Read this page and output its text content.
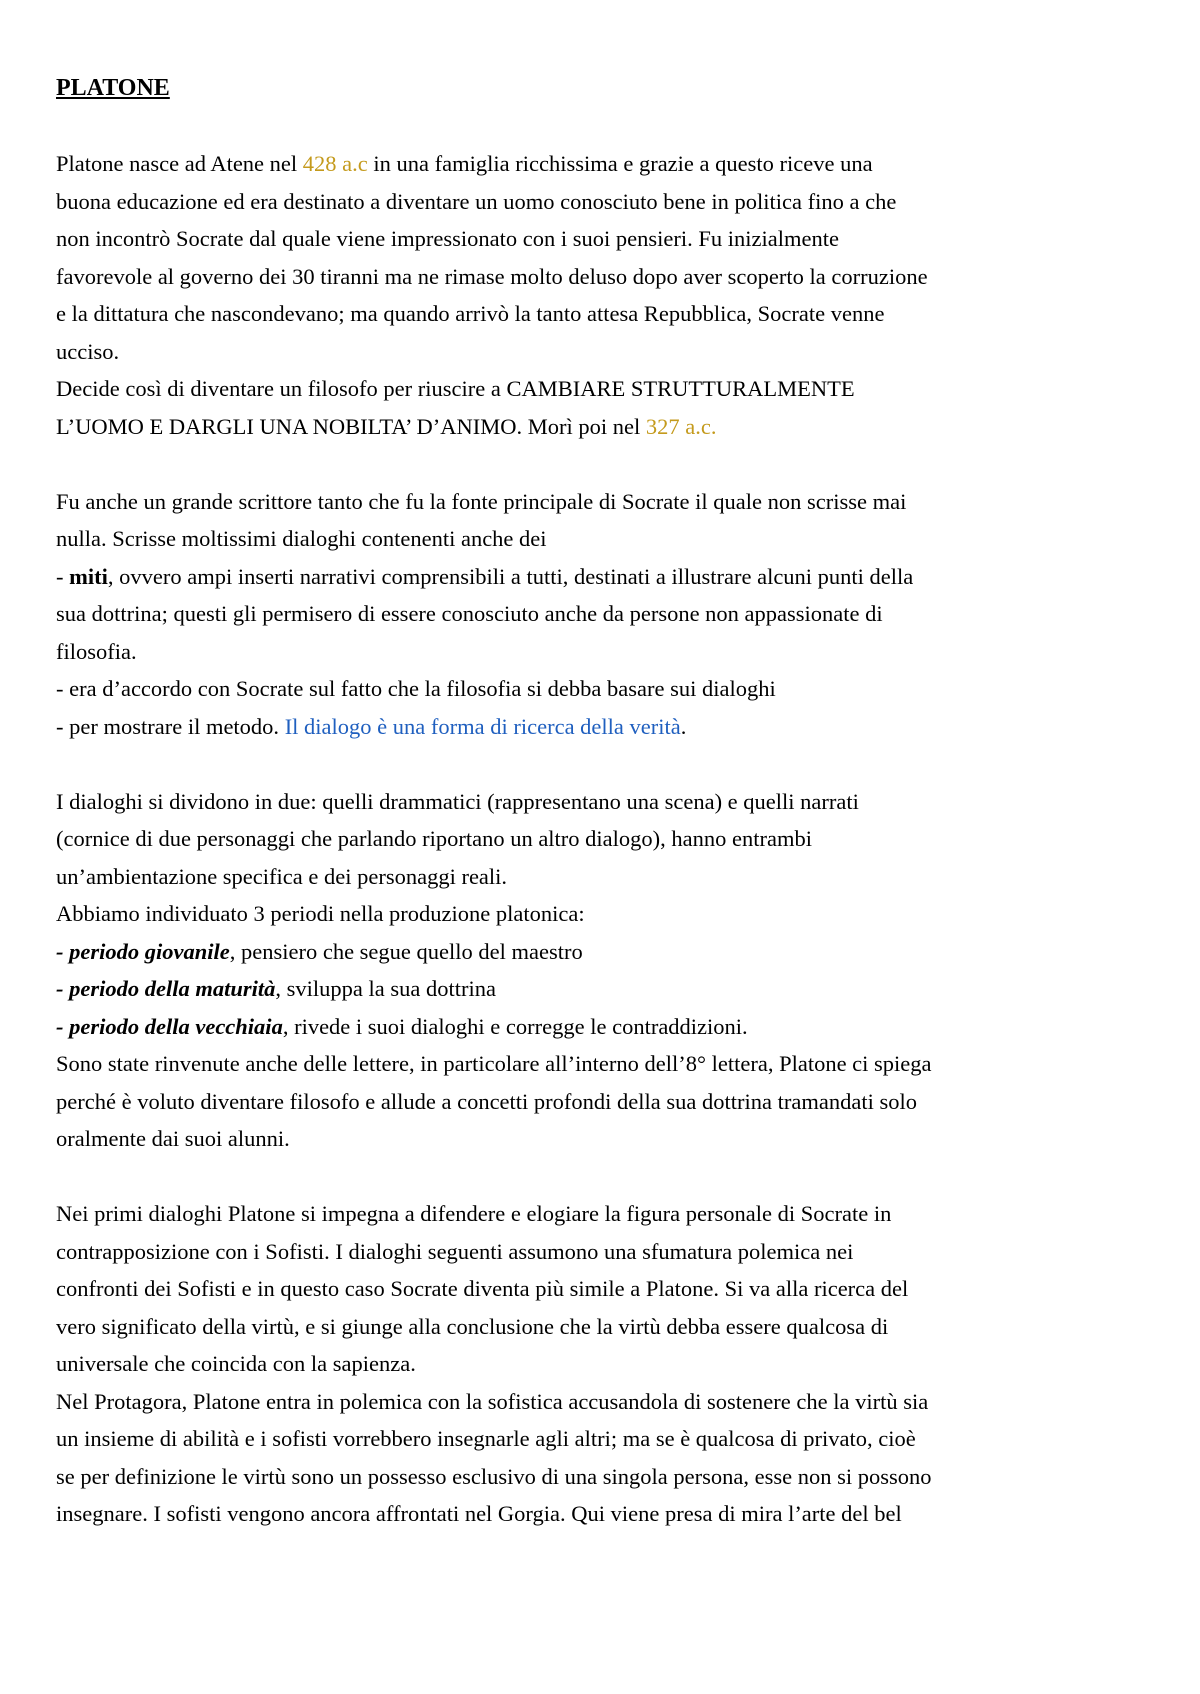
PLATONE
Platone nasce ad Atene nel 428 a.c in una famiglia ricchissima e grazie a questo riceve una
buona educazione ed era destinato a diventare un uomo conosciuto bene in politica fino a che
non incontrò Socrate dal quale viene impressionato con i suoi pensieri. Fu inizialmente
favorevole al governo dei 30 tiranni ma ne rimase molto deluso dopo aver scoperto la corruzione
e la dittatura che nascondevano; ma quando arrivò la tanto attesa Repubblica, Socrate venne
ucciso.
Decide così di diventare un filosofo per riuscire a CAMBIARE STRUTTURALMENTE
L’UOMO E DARGLI UNA NOBILTA’ D’ANIMO. Morì poi nel 327 a.c.
Fu anche un grande scrittore tanto che fu la fonte principale di Socrate il quale non scrisse mai
nulla. Scrisse moltissimi dialoghi contenenti anche dei
- miti, ovvero ampi inserti narrativi comprensibili a tutti, destinati a illustrare alcuni punti della
sua dottrina; questi gli permisero di essere conosciuto anche da persone non appassionate di
filosofia.
- era d’accordo con Socrate sul fatto che la filosofia si debba basare sui dialoghi
- per mostrare il metodo. Il dialogo è una forma di ricerca della verità.
I dialoghi si dividono in due: quelli drammatici (rappresentano una scena) e quelli narrati
(cornice di due personaggi che parlando riportano un altro dialogo), hanno entrambi
un’ambientazione specifica e dei personaggi reali.
Abbiamo individuato 3 periodi nella produzione platonica:
- periodo giovanile, pensiero che segue quello del maestro
- periodo della maturità, sviluppa la sua dottrina
- periodo della vecchiaia, rivede i suoi dialoghi e corregge le contraddizioni.
Sono state rinvenute anche delle lettere, in particolare all’interno dell’8° lettera, Platone ci spiega
perché è voluto diventare filosofo e allude a concetti profondi della sua dottrina tramandati solo
oralmente dai suoi alunni.
Nei primi dialoghi Platone si impegna a difendere e elogiare la figura personale di Socrate in
contrapposizione con i Sofisti. I dialoghi seguenti assumono una sfumatura polemica nei
confronti dei Sofisti e in questo caso Socrate diventa più simile a Platone. Si va alla ricerca del
vero significato della virtù, e si giunge alla conclusione che la virtù debba essere qualcosa di
universale che coincida con la sapienza.
Nel Protagora, Platone entra in polemica con la sofistica accusandola di sostenere che la virtù sia
un insieme di abilità e i sofisti vorrebbero insegnarle agli altri; ma se è qualcosa di privato, cioè
se per definizione le virtù sono un possesso esclusivo di una singola persona, esse non si possono
insegnare. I sofisti vengono ancora affrontati nel Gorgia. Qui viene presa di mira l’arte del bel
